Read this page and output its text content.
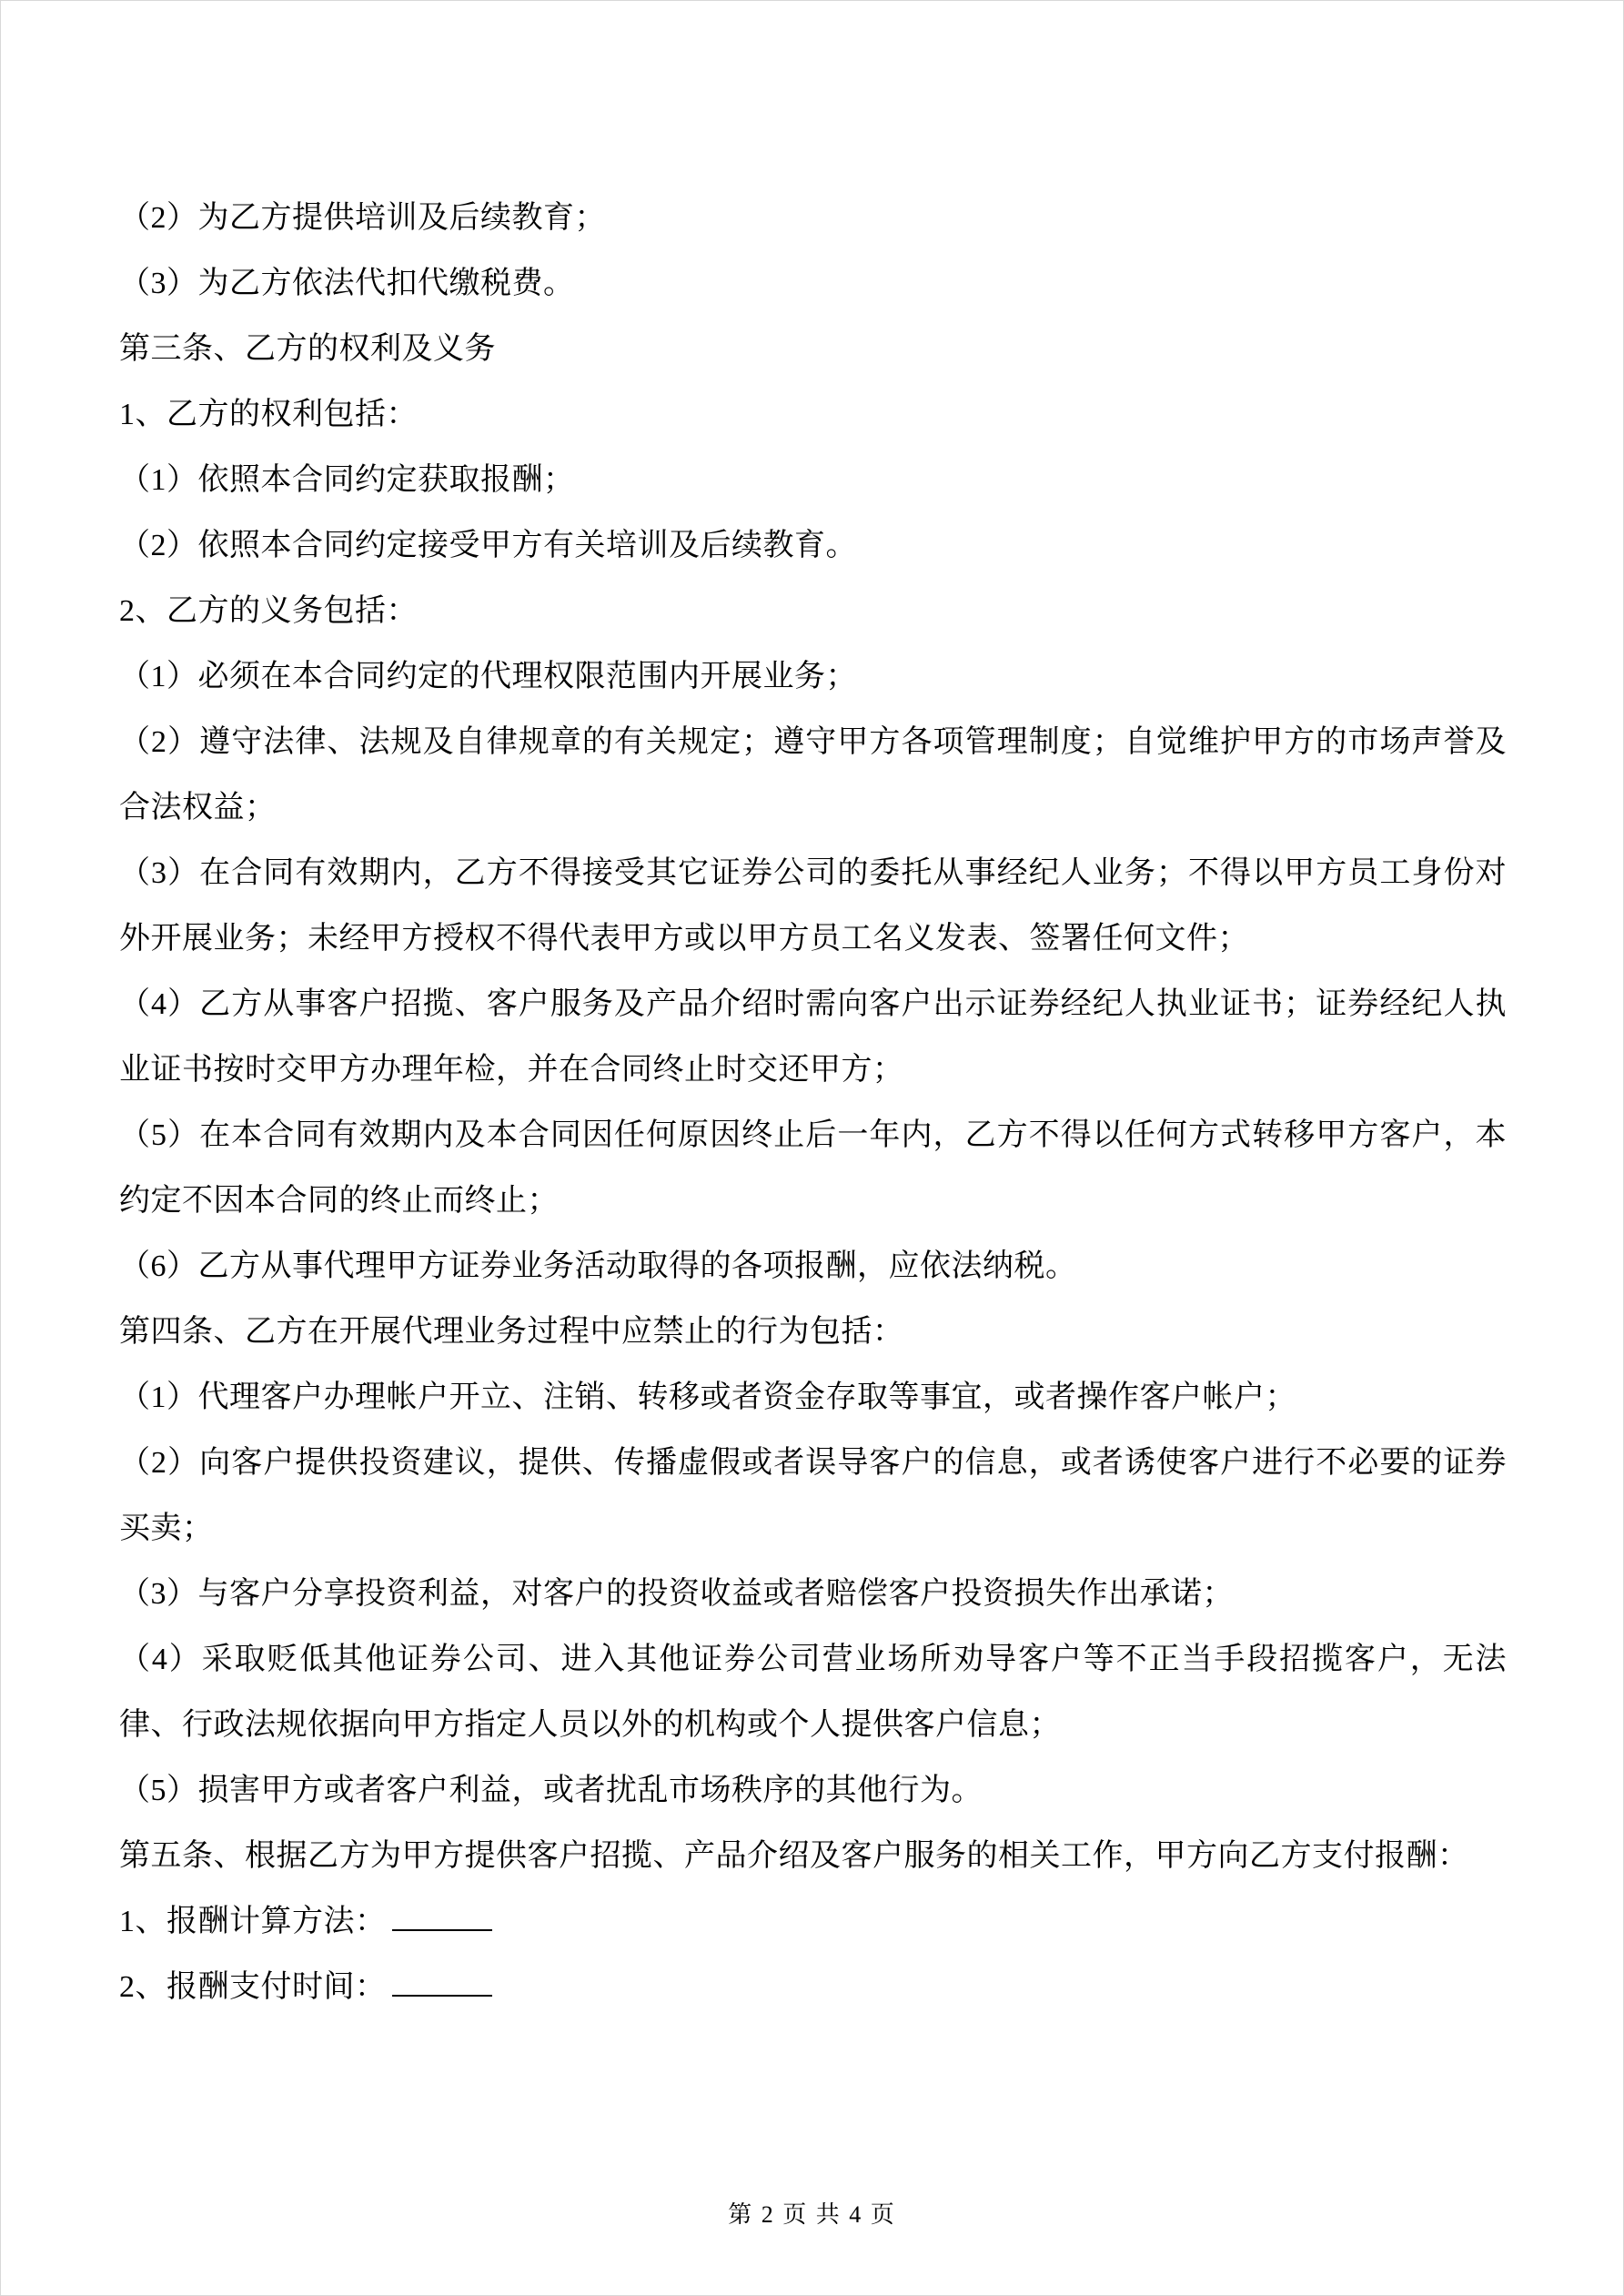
（2）为乙方提供培训及后续教育；

（3）为乙方依法代扣代缴税费。

第三条、乙方的权利及义务

1、乙方的权利包括：

（1）依照本合同约定获取报酬；

（2）依照本合同约定接受甲方有关培训及后续教育。

2、乙方的义务包括：

（1）必须在本合同约定的代理权限范围内开展业务；

（2）遵守法律、法规及自律规章的有关规定；遵守甲方各项管理制度；自觉维护甲方的市场声誉及合法权益；

（3）在合同有效期内，乙方不得接受其它证券公司的委托从事经纪人业务；不得以甲方员工身份对外开展业务；未经甲方授权不得代表甲方或以甲方员工名义发表、签署任何文件；

（4）乙方从事客户招揽、客户服务及产品介绍时需向客户出示证券经纪人执业证书；证券经纪人执业证书按时交甲方办理年检，并在合同终止时交还甲方；

（5）在本合同有效期内及本合同因任何原因终止后一年内，乙方不得以任何方式转移甲方客户，本约定不因本合同的终止而终止；

（6）乙方从事代理甲方证券业务活动取得的各项报酬，应依法纳税。

第四条、乙方在开展代理业务过程中应禁止的行为包括：

（1）代理客户办理帐户开立、注销、转移或者资金存取等事宜，或者操作客户帐户；

（2）向客户提供投资建议，提供、传播虚假或者误导客户的信息，或者诱使客户进行不必要的证券买卖；

（3）与客户分享投资利益，对客户的投资收益或者赔偿客户投资损失作出承诺；

（4）采取贬低其他证券公司、进入其他证券公司营业场所劝导客户等不正当手段招揽客户，无法律、行政法规依据向甲方指定人员以外的机构或个人提供客户信息；

（5）损害甲方或者客户利益，或者扰乱市场秩序的其他行为。

第五条、根据乙方为甲方提供客户招揽、产品介绍及客户服务的相关工作，甲方向乙方支付报酬：

1、报酬计算方法：

2、报酬支付时间：

第 2 页 共 4 页
